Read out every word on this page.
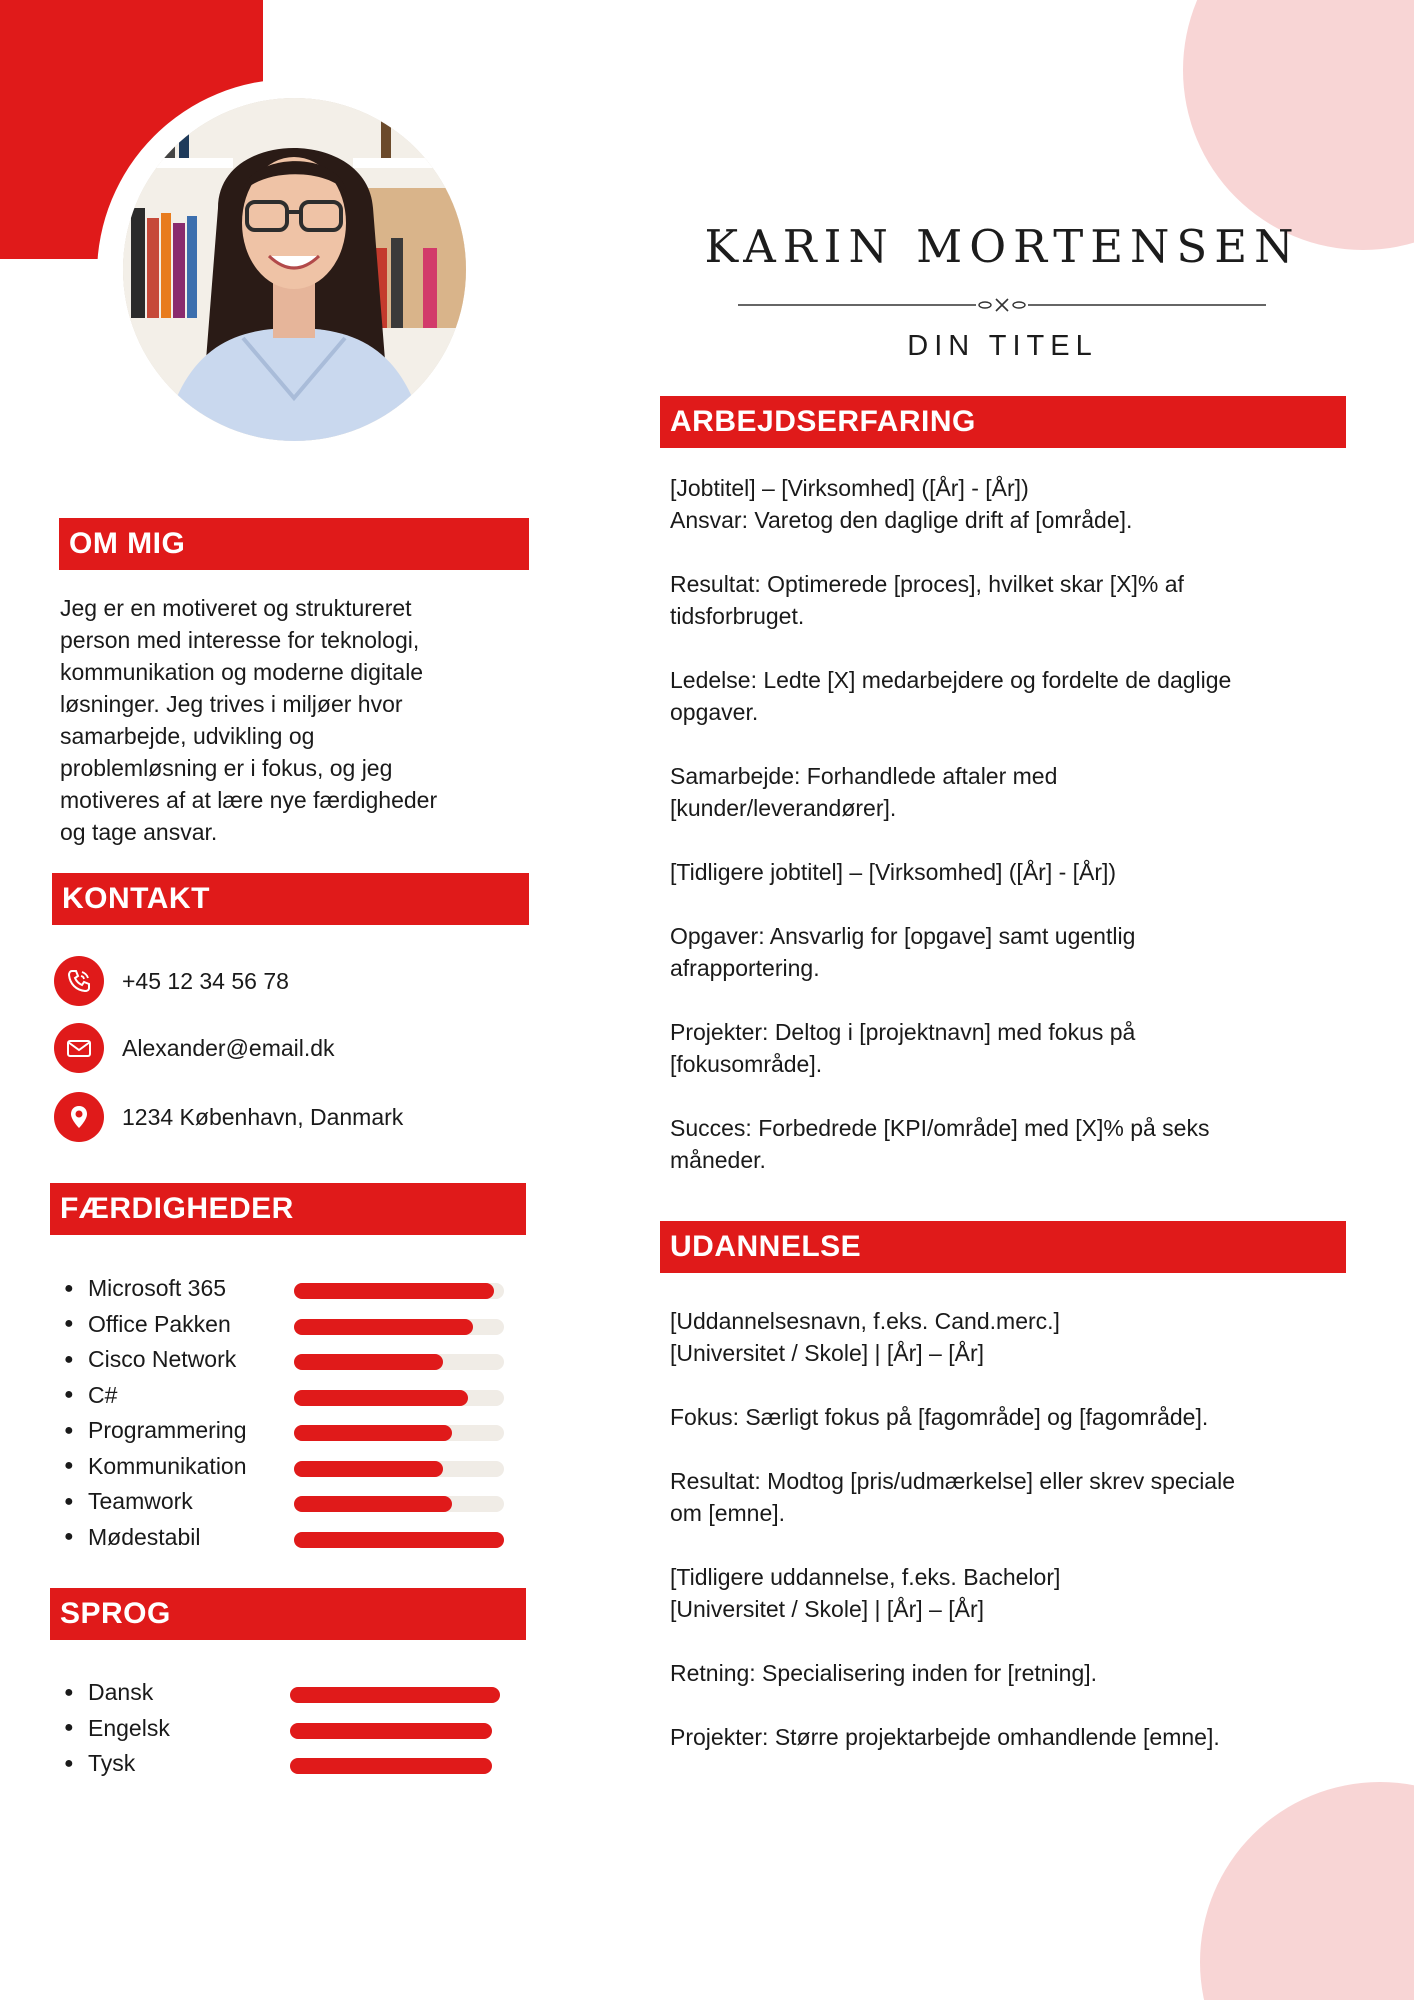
KARIN MORTENSEN
DIN TITEL
OM MIG

Jeg er en motiveret og struktureret

person med interesse for teknologi,

kommunikation og moderne digitale

løsninger. Jeg trives i miljøer hvor

samarbejde, udvikling og

problemløsning er i fokus, og jeg

motiveres af at lære nye færdigheder

og tage ansvar.

KONTAKT
+45 12 34 56 78
Alexander@email.dk
1234 København, Danmark
FÆRDIGHEDER
● Microsoft 365
● Office Pakken
● Cisco Network
● C#
● Programmering
● Kommunikation
● Teamwork
● Mødestabil
SPROG
● Dansk
● Engelsk
● Tysk
ARBEJDSERFARING

[Jobtitel] – [Virksomhed] ([År] - [År])

Ansvar: Varetog den daglige drift af [område].

Resultat: Optimerede [proces], hvilket skar [X]% af

tidsforbruget.

Ledelse: Ledte [X] medarbejdere og fordelte de daglige

opgaver.

Samarbejde: Forhandlede aftaler med

[kunder/leverandører].

[Tidligere jobtitel] – [Virksomhed] ([År] - [År])

Opgaver: Ansvarlig for [opgave] samt ugentlig

afrapportering.

Projekter: Deltog i [projektnavn] med fokus på

[fokusområde].

Succes: Forbedrede [KPI/område] med [X]% på seks

måneder.

UDANNELSE

[Uddannelsesnavn, f.eks. Cand.merc.]

[Universitet / Skole] | [År] – [År]

Fokus: Særligt fokus på [fagområde] og [fagområde].

Resultat: Modtog [pris/udmærkelse] eller skrev speciale

om [emne].

[Tidligere uddannelse, f.eks. Bachelor]

[Universitet / Skole] | [År] – [År]

Retning: Specialisering inden for [retning].

Projekter: Større projektarbejde omhandlende [emne].
